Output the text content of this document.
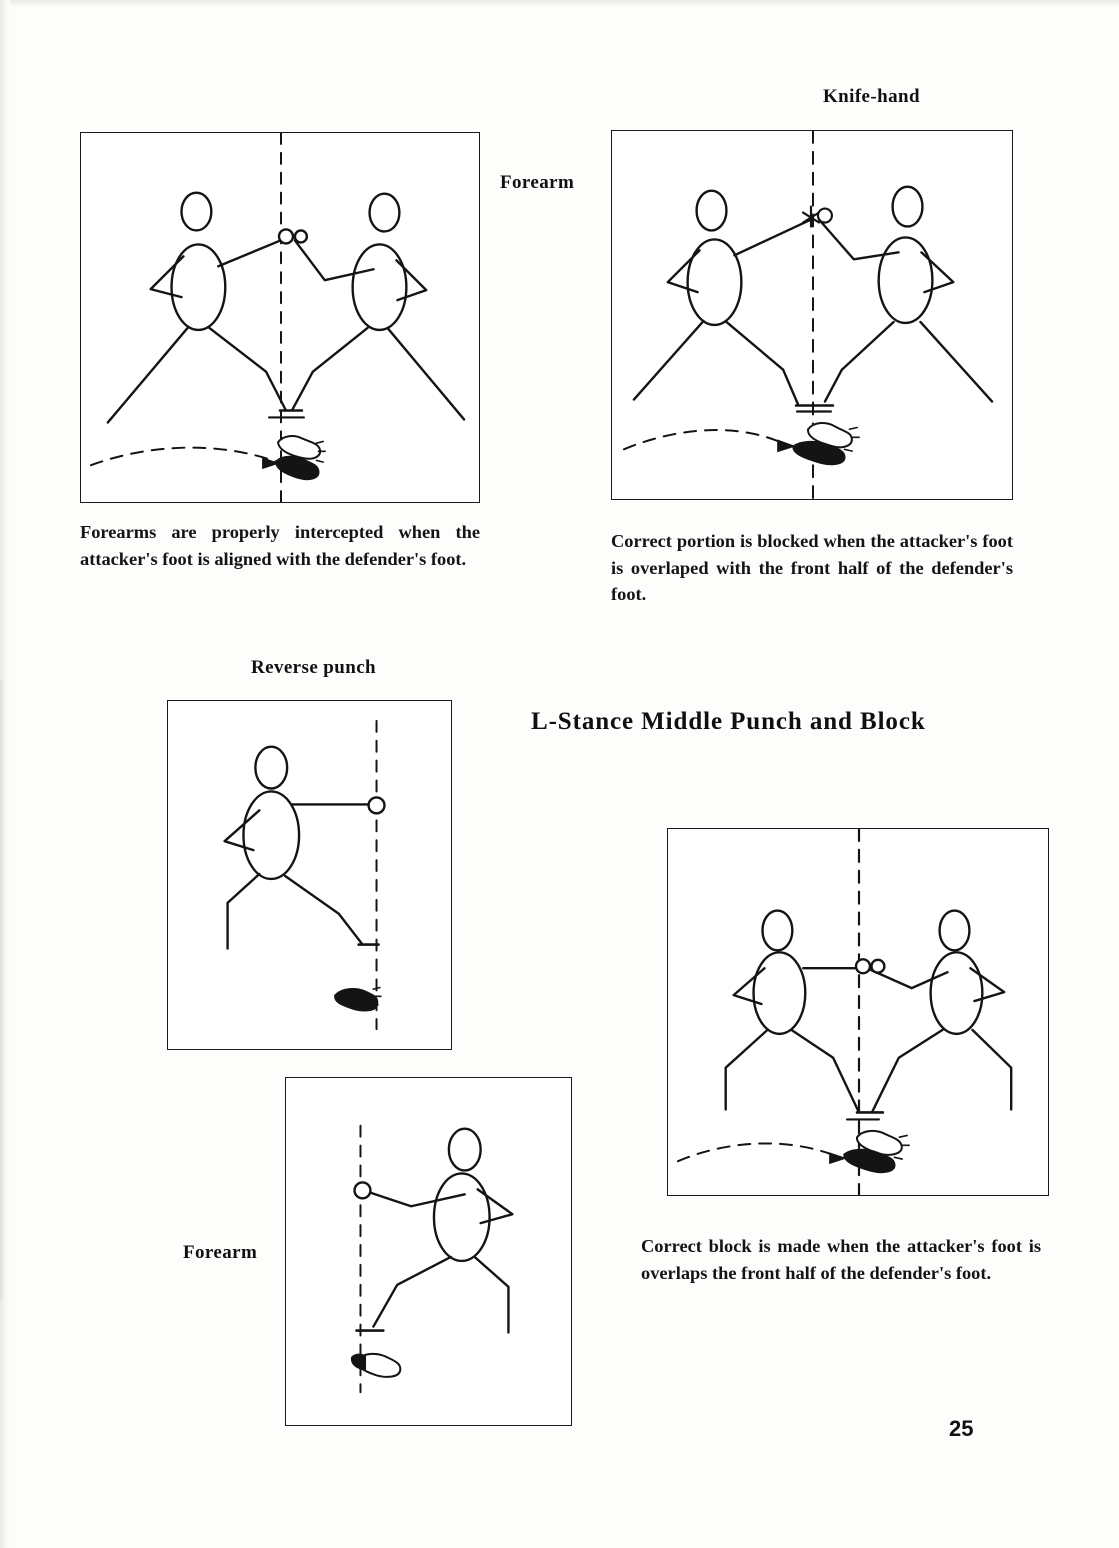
Forearm
Forearms are properly intercepted when the attacker's foot is aligned with the defender's foot.
Knife-hand
Correct portion is blocked when the attacker's foot is overlaped with the front half of the defender's foot.
Reverse punch
L-Stance Middle Punch and Block
Correct block is made when the attacker's foot is overlaps the front half of the defender's foot.
Forearm
25
